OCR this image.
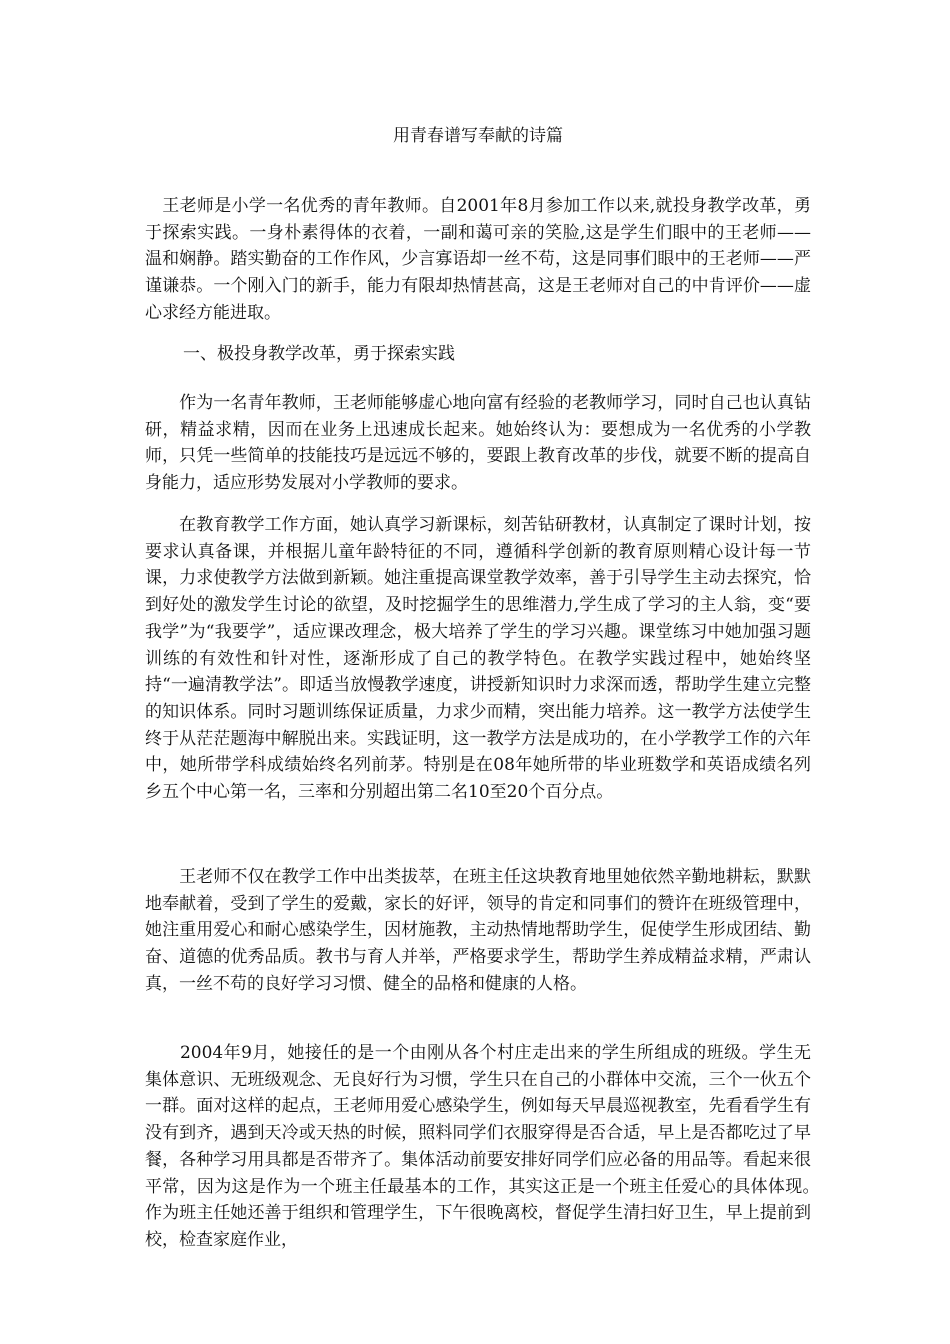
用青春谱写奉献的诗篇

　王老师是小学一名优秀的青年教师。自2001年8月参加工作以来,就投身教学改革，勇于探索实践。一身朴素得体的衣着，一副和蔼可亲的笑脸,这是学生们眼中的王老师——温和娴静。踏实勤奋的工作作风，少言寡语却一丝不苟，这是同事们眼中的王老师——严谨谦恭。一个刚入门的新手，能力有限却热情甚高，这是王老师对自己的中肯评价——虚心求经方能进取。

一、极投身教学改革，勇于探索实践

　　作为一名青年教师，王老师能够虚心地向富有经验的老教师学习，同时自己也认真钻研，精益求精，因而在业务上迅速成长起来。她始终认为：要想成为一名优秀的小学教师，只凭一些简单的技能技巧是远远不够的，要跟上教育改革的步伐，就要不断的提高自身能力，适应形势发展对小学教师的要求。

　　在教育教学工作方面，她认真学习新课标，刻苦钻研教材，认真制定了课时计划，按要求认真备课，并根据儿童年龄特征的不同，遵循科学创新的教育原则精心设计每一节课，力求使教学方法做到新颖。她注重提高课堂教学效率，善于引导学生主动去探究，恰到好处的激发学生讨论的欲望，及时挖掘学生的思维潜力,学生成了学习的主人翁，变“要我学”为“我要学”，适应课改理念，极大培养了学生的学习兴趣。课堂练习中她加强习题训练的有效性和针对性，逐渐形成了自己的教学特色。在教学实践过程中，她始终坚持“一遍清教学法”。即适当放慢教学速度，讲授新知识时力求深而透，帮助学生建立完整的知识体系。同时习题训练保证质量，力求少而精，突出能力培养。这一教学方法使学生终于从茫茫题海中解脱出来。实践证明，这一教学方法是成功的，在小学教学工作的六年中，她所带学科成绩始终名列前茅。特别是在08年她所带的毕业班数学和英语成绩名列乡五个中心第一名，三率和分别超出第二名10至20个百分点。

　　王老师不仅在教学工作中出类拔萃，在班主任这块教育地里她依然辛勤地耕耘，默默地奉献着，受到了学生的爱戴，家长的好评，领导的肯定和同事们的赞许在班级管理中，她注重用爱心和耐心感染学生，因材施教，主动热情地帮助学生，促使学生形成团结、勤奋、道德的优秀品质。教书与育人并举，严格要求学生，帮助学生养成精益求精，严肃认真，一丝不苟的良好学习习惯、健全的品格和健康的人格。

　　2004年9月，她接任的是一个由刚从各个村庄走出来的学生所组成的班级。学生无集体意识、无班级观念、无良好行为习惯，学生只在自己的小群体中交流，三个一伙五个一群。面对这样的起点，王老师用爱心感染学生，例如每天早晨巡视教室，先看看学生有没有到齐，遇到天冷或天热的时候，照料同学们衣服穿得是否合适，早上是否都吃过了早餐，各种学习用具都是否带齐了。集体活动前要安排好同学们应必备的用品等。看起来很平常，因为这是作为一个班主任最基本的工作，其实这正是一个班主任爱心的具体体现。　作为班主任她还善于组织和管理学生，下午很晚离校，督促学生清扫好卫生，早上提前到校，检查家庭作业，
